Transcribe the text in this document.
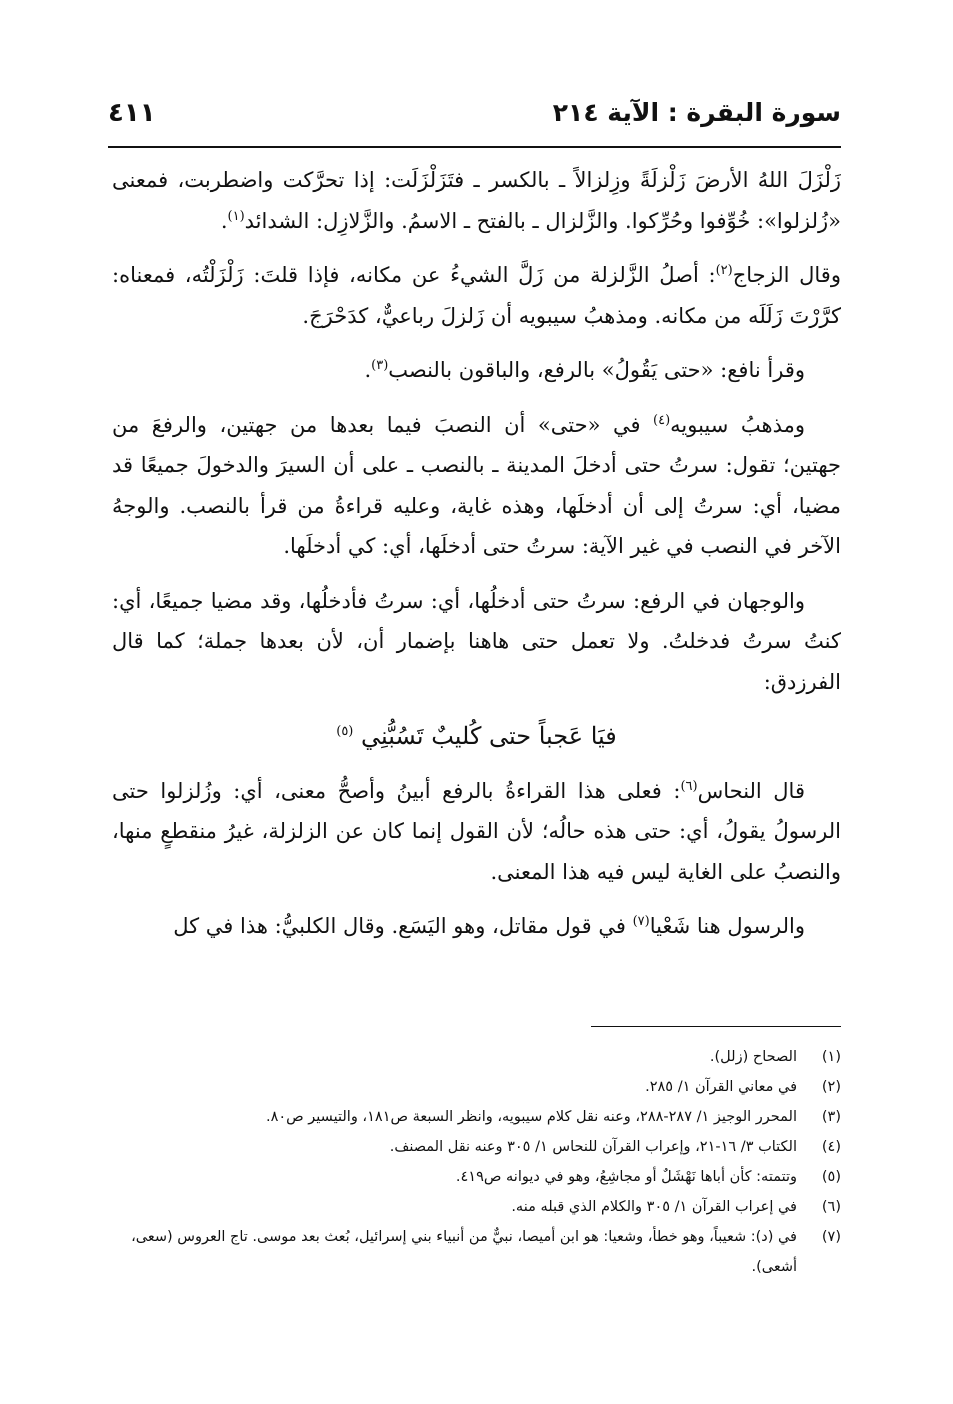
سورة البقرة : الآية ٢١٤
٤١١

زَلْزَلَ اللهُ الأرضَ زَلْزلَةً وزِلزالاً ـ بالكسر ـ فتَزَلْزَلَت: إذا تحرَّكت واضطربت، فمعنى «زُلزلوا»: خُوِّفوا وحُرِّكوا. والزَّلزال ـ بالفتح ـ الاسمُ. والزَّلازِل: الشدائد$^{(١)}$.

وقال الزجاج$^{(٢)}$: أصلُ الزَّلزلة من زَلَّ الشيءُ عن مكانه، فإذا قلتَ: زَلْزَلْتُه، فمعناه: كرَّرْتَ زَلَلَه من مكانه. ومذهبُ سيبويه أن زَلزلَ رباعيٌّ، كدَحْرَجَ.

وقرأ نافع: «حتى يَقُولُ» بالرفع، والباقون بالنصب$^{(٣)}$.

ومذهبُ سيبويه$^{(٤)}$ في «حتى» أن النصبَ فيما بعدها من جهتين، والرفعَ من جهتين؛ تقول: سرتُ حتى أدخلَ المدينة ـ بالنصب ـ على أن السيرَ والدخولَ جميعًا قد مضيا، أي: سرتُ إلى أن أدخلَها، وهذه غاية، وعليه قراءةُ من قرأ بالنصب. والوجهُ الآخر في النصب في غير الآية: سرتُ حتى أدخلَها، أي: كي أدخلَها.

والوجهان في الرفع: سرتُ حتى أدخلُها، أي: سرتُ فأدخلُها، وقد مضيا جميعًا، أي: كنتُ سرتُ فدخلتُ. ولا تعمل حتى هاهنا بإضمار أن، لأن بعدها جملة؛ كما قال الفرزدق:

فيَا عَجباً حتى كُليبٌ تَسُبُّنِي $^{(٥)}$

قال النحاس$^{(٦)}$: فعلى هذا القراءةُ بالرفع أبينُ وأصحُّ معنى، أي: وزُلزلوا حتى الرسولُ يقولُ، أي: حتى هذه حالُه؛ لأن القول إنما كان عن الزلزلة، غيرُ منقطعٍ منها، والنصبُ على الغاية ليس فيه هذا المعنى.

والرسول هنا شَعْيا$^{(٧)}$ في قول مقاتل، وهو اليَسَع. وقال الكلبيُّ: هذا في كل

(١)
الصحاح (زلل).
(٢)
في معاني القرآن ١/ ٢٨٥.
(٣)
المحرر الوجيز ١/ ٢٨٧-٢٨٨، وعنه نقل كلام سيبويه، وانظر السبعة ص١٨١، والتيسير ص٨٠.
(٤)
الكتاب ٣/ ١٦-٢١، وإعراب القرآن للنحاس ١/ ٣٠٥ وعنه نقل المصنف.
(٥)
وتتمته: كأن أباها نَهْشَلٌ أو مجاشِعُ، وهو في ديوانه ص٤١٩.
(٦)
في إعراب القرآن ١/ ٣٠٥ والكلام الذي قبله منه.
(٧)
في (د): شعيباً، وهو خطأ، وشعيا: هو ابن أميصا، نبيٌّ من أنبياء بني إسرائيل، بُعث بعد موسى. تاج العروس (سعى، أشعى).
